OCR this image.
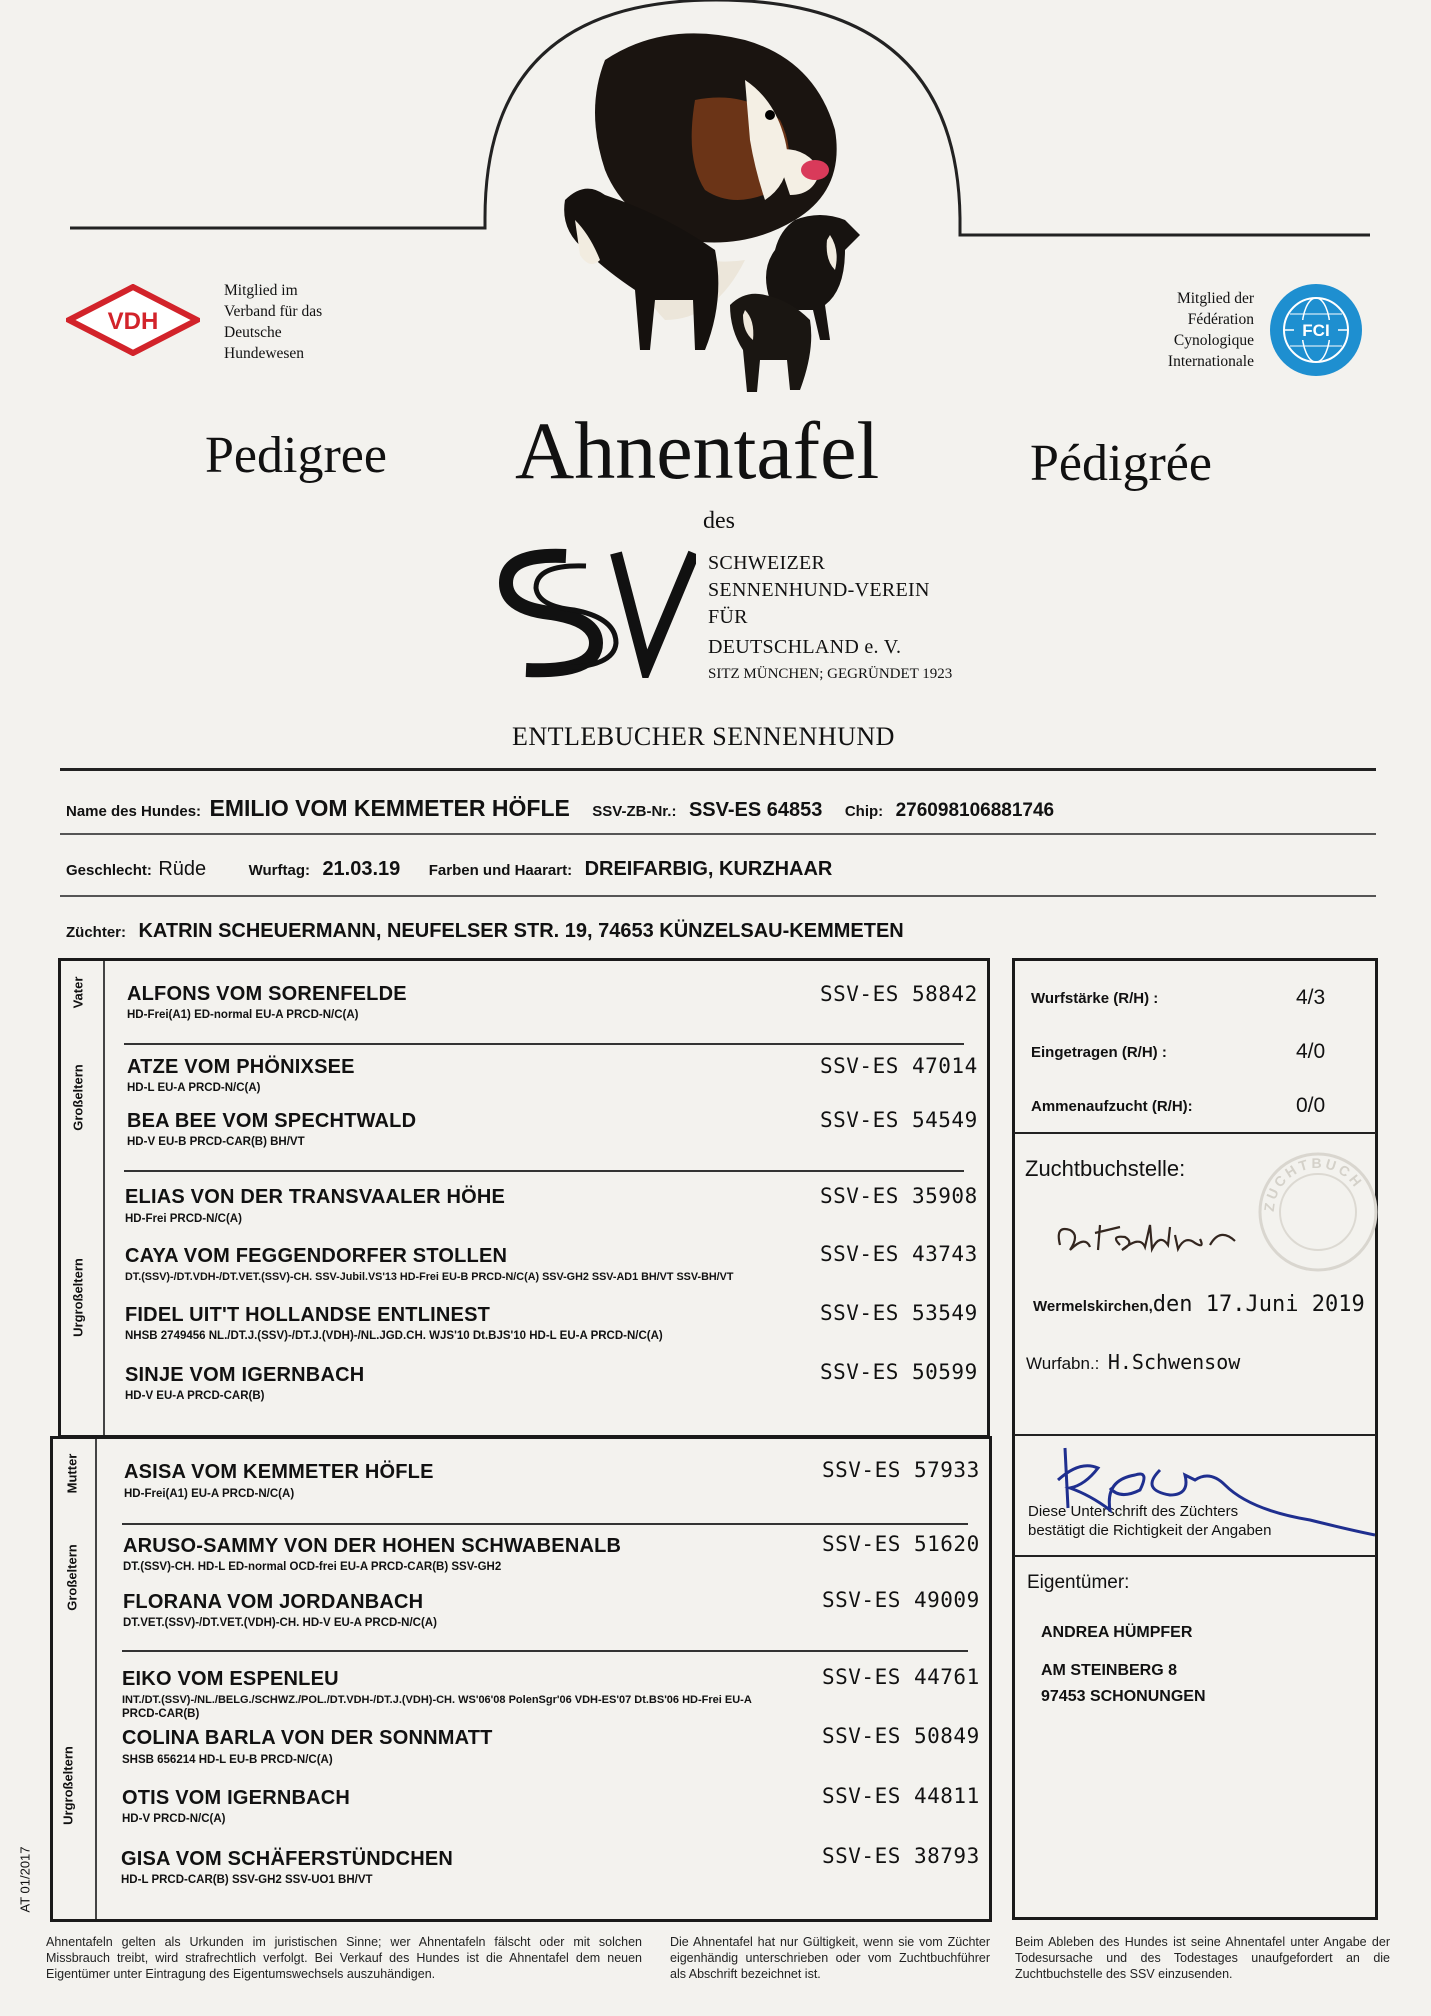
VDH
Mitglied im
Verband für das
Deutsche
Hundewesen
Mitglied der
Fédération
Cynologique
Internationale
FCI
Pedigree Ahnentafel	Pédigrée
des
SCHWEIZER
SENNENHUND-VEREIN
FÜR
DEUTSCHLAND e. V.
SITZ MÜNCHEN; GEGRÜNDET 1923
ENTLEBUCHER SENNENHUND
Name des Hundes: EMILIO VOM KEMMETER HÖFLE SSV-ZB-Nr.: SSV-ES 64853 Chip: 276098106881746
Geschlecht: Rüde	Wurftag: 21.03.19 Farben und Haarart: DREIFARBIG, KURZHAAR
Züchter: KATRIN SCHEUERMANN, NEUFELSER STR. 19, 74653 KÜNZELSAU-KEMMETEN
Vater
Großeltern
Urgroßeltern
ALFONS VOM SORENFELDE
HD-Frei(A1) ED-normal EU-A PRCD-N/C(A)
SSV-ES 58842
ATZE VOM PHÖNIXSEE
HD-L EU-A PRCD-N/C(A)
SSV-ES 47014
BEA BEE VOM SPECHTWALD
HD-V EU-B PRCD-CAR(B) BH/VT
SSV-ES 54549
ELIAS VON DER TRANSVAALER HÖHE
HD-Frei PRCD-N/C(A)
SSV-ES 35908
CAYA VOM FEGGENDORFER STOLLEN
DT.(SSV)-/DT.VDH-/DT.VET.(SSV)-CH. SSV-Jubil.VS'13 HD-Frei EU-B PRCD-N/C(A) SSV-GH2 SSV-AD1 BH/VT SSV-BH/VT
SSV-ES 43743
FIDEL UIT'T HOLLANDSE ENTLINEST
NHSB 2749456 NL./DT.J.(SSV)-/DT.J.(VDH)-/NL.JGD.CH. WJS'10 Dt.BJS'10 HD-L EU-A PRCD-N/C(A)
SSV-ES 53549
SINJE VOM IGERNBACH
HD-V EU-A PRCD-CAR(B)
SSV-ES 50599
Mutter
Großeltern
Urgroßeltern
ASISA VOM KEMMETER HÖFLE
HD-Frei(A1) EU-A PRCD-N/C(A)
SSV-ES 57933
ARUSO-SAMMY VON DER HOHEN SCHWABENALB
DT.(SSV)-CH. HD-L ED-normal OCD-frei EU-A PRCD-CAR(B) SSV-GH2
SSV-ES 51620
FLORANA VOM JORDANBACH
DT.VET.(SSV)-/DT.VET.(VDH)-CH. HD-V EU-A PRCD-N/C(A)
SSV-ES 49009
EIKO VOM ESPENLEU
INT./DT.(SSV)-/NL./BELG./SCHWZ./POL./DT.VDH-/DT.J.(VDH)-CH. WS'06'08 PolenSgr'06 VDH-ES'07 Dt.BS'06 HD-Frei EU-A
PRCD-CAR(B)
SSV-ES 44761
COLINA BARLA VON DER SONNMATT
SHSB 656214 HD-L EU-B PRCD-N/C(A)
SSV-ES 50849
OTIS VOM IGERNBACH
HD-V PRCD-N/C(A)
SSV-ES 44811
GISA VOM SCHÄFERSTÜNDCHEN
HD-L PRCD-CAR(B) SSV-GH2 SSV-UO1 BH/VT
SSV-ES 38793
Wurfstärke (R/H) :	4/3
Eingetragen (R/H) :	4/0
Ammenaufzucht (R/H):	0/0
Zuchtbuchstelle:
ZUCHTBUCH
Wermelskirchen,den 17.Juni 2019
Wurfabn.: H.Schwensow
Diese Unterschrift des Züchters
bestätigt die Richtigkeit der Angaben
Eigentümer:
ANDREA HÜMPFER
AM STEINBERG 8
97453 SCHONUNGEN
AT 01/2017
Ahnentafeln gelten als Urkunden im juristischen Sinne; wer Ahnentafeln fälscht oder mit solchen Missbrauch treibt, wird strafrechtlich verfolgt. Bei Verkauf des Hundes ist die Ahnentafel dem neuen Eigentümer unter Eintragung des Eigentumswechsels auszuhändigen.
Die Ahnentafel hat nur Gültigkeit, wenn sie vom Züchter eigenhändig unterschrieben oder vom Zuchtbuchführer als Abschrift bezeichnet ist.
Beim Ableben des Hundes ist seine Ahnentafel unter Angabe der Todesursache und des Todestages unaufgefordert an die Zuchtbuchstelle des SSV einzusenden.
